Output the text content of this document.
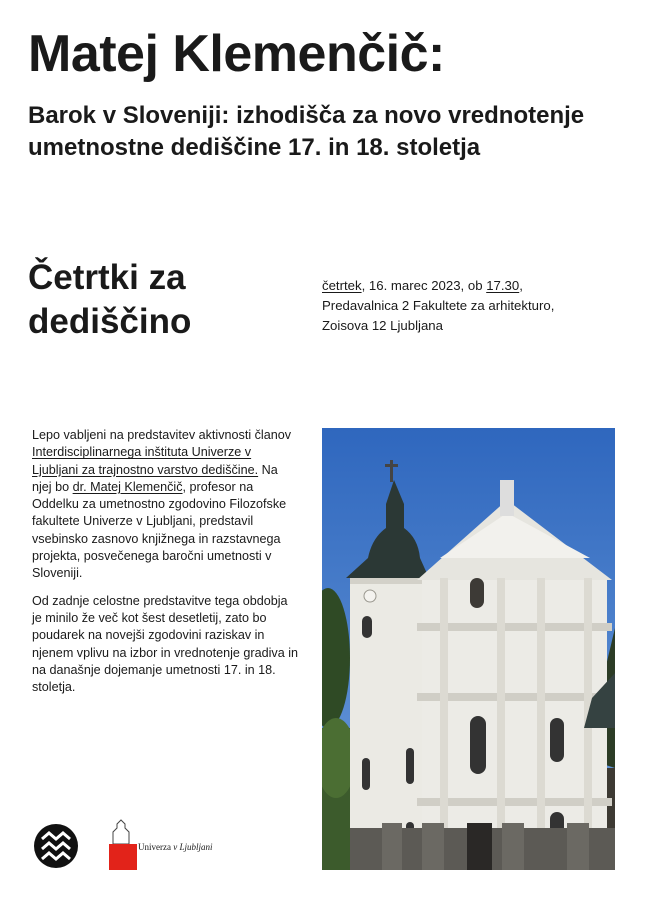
Matej Klemenčič:
Barok v Sloveniji: izhodišča za novo vrednotenje umetnostne dediščine 17. in 18. stoletja
Četrtki za
dediščino

četrtek, 16. marec 2023, ob 17.30,
Predavalnica 2 Fakultete za arhitekturo,
Zoisova 12 Ljubljana

Lepo vabljeni na predstavitev aktivnosti članov Interdisciplinarnega inštituta Univerze v Ljubljani za trajnostno varstvo dediščine. Na njej bo dr. Matej Klemenčič, profesor na Oddelku za umetnostno zgodovino Filozofske fakultete Univerze v Ljubljani, predstavil vsebinsko zasnovo knjižnega in razstavnega projekta, posvečenega baročni umetnosti v Sloveniji.

Od zadnje celostne predstavitve tega obdobja je minilo že več kot šest desetletij, zato bo poudarek na novejši zgodovini raziskav in njenem vplivu na izbor in vrednotenje gradiva in na današnje dojemanje umetnosti 17. in 18. stoletja.

Univerza v Ljubljani
